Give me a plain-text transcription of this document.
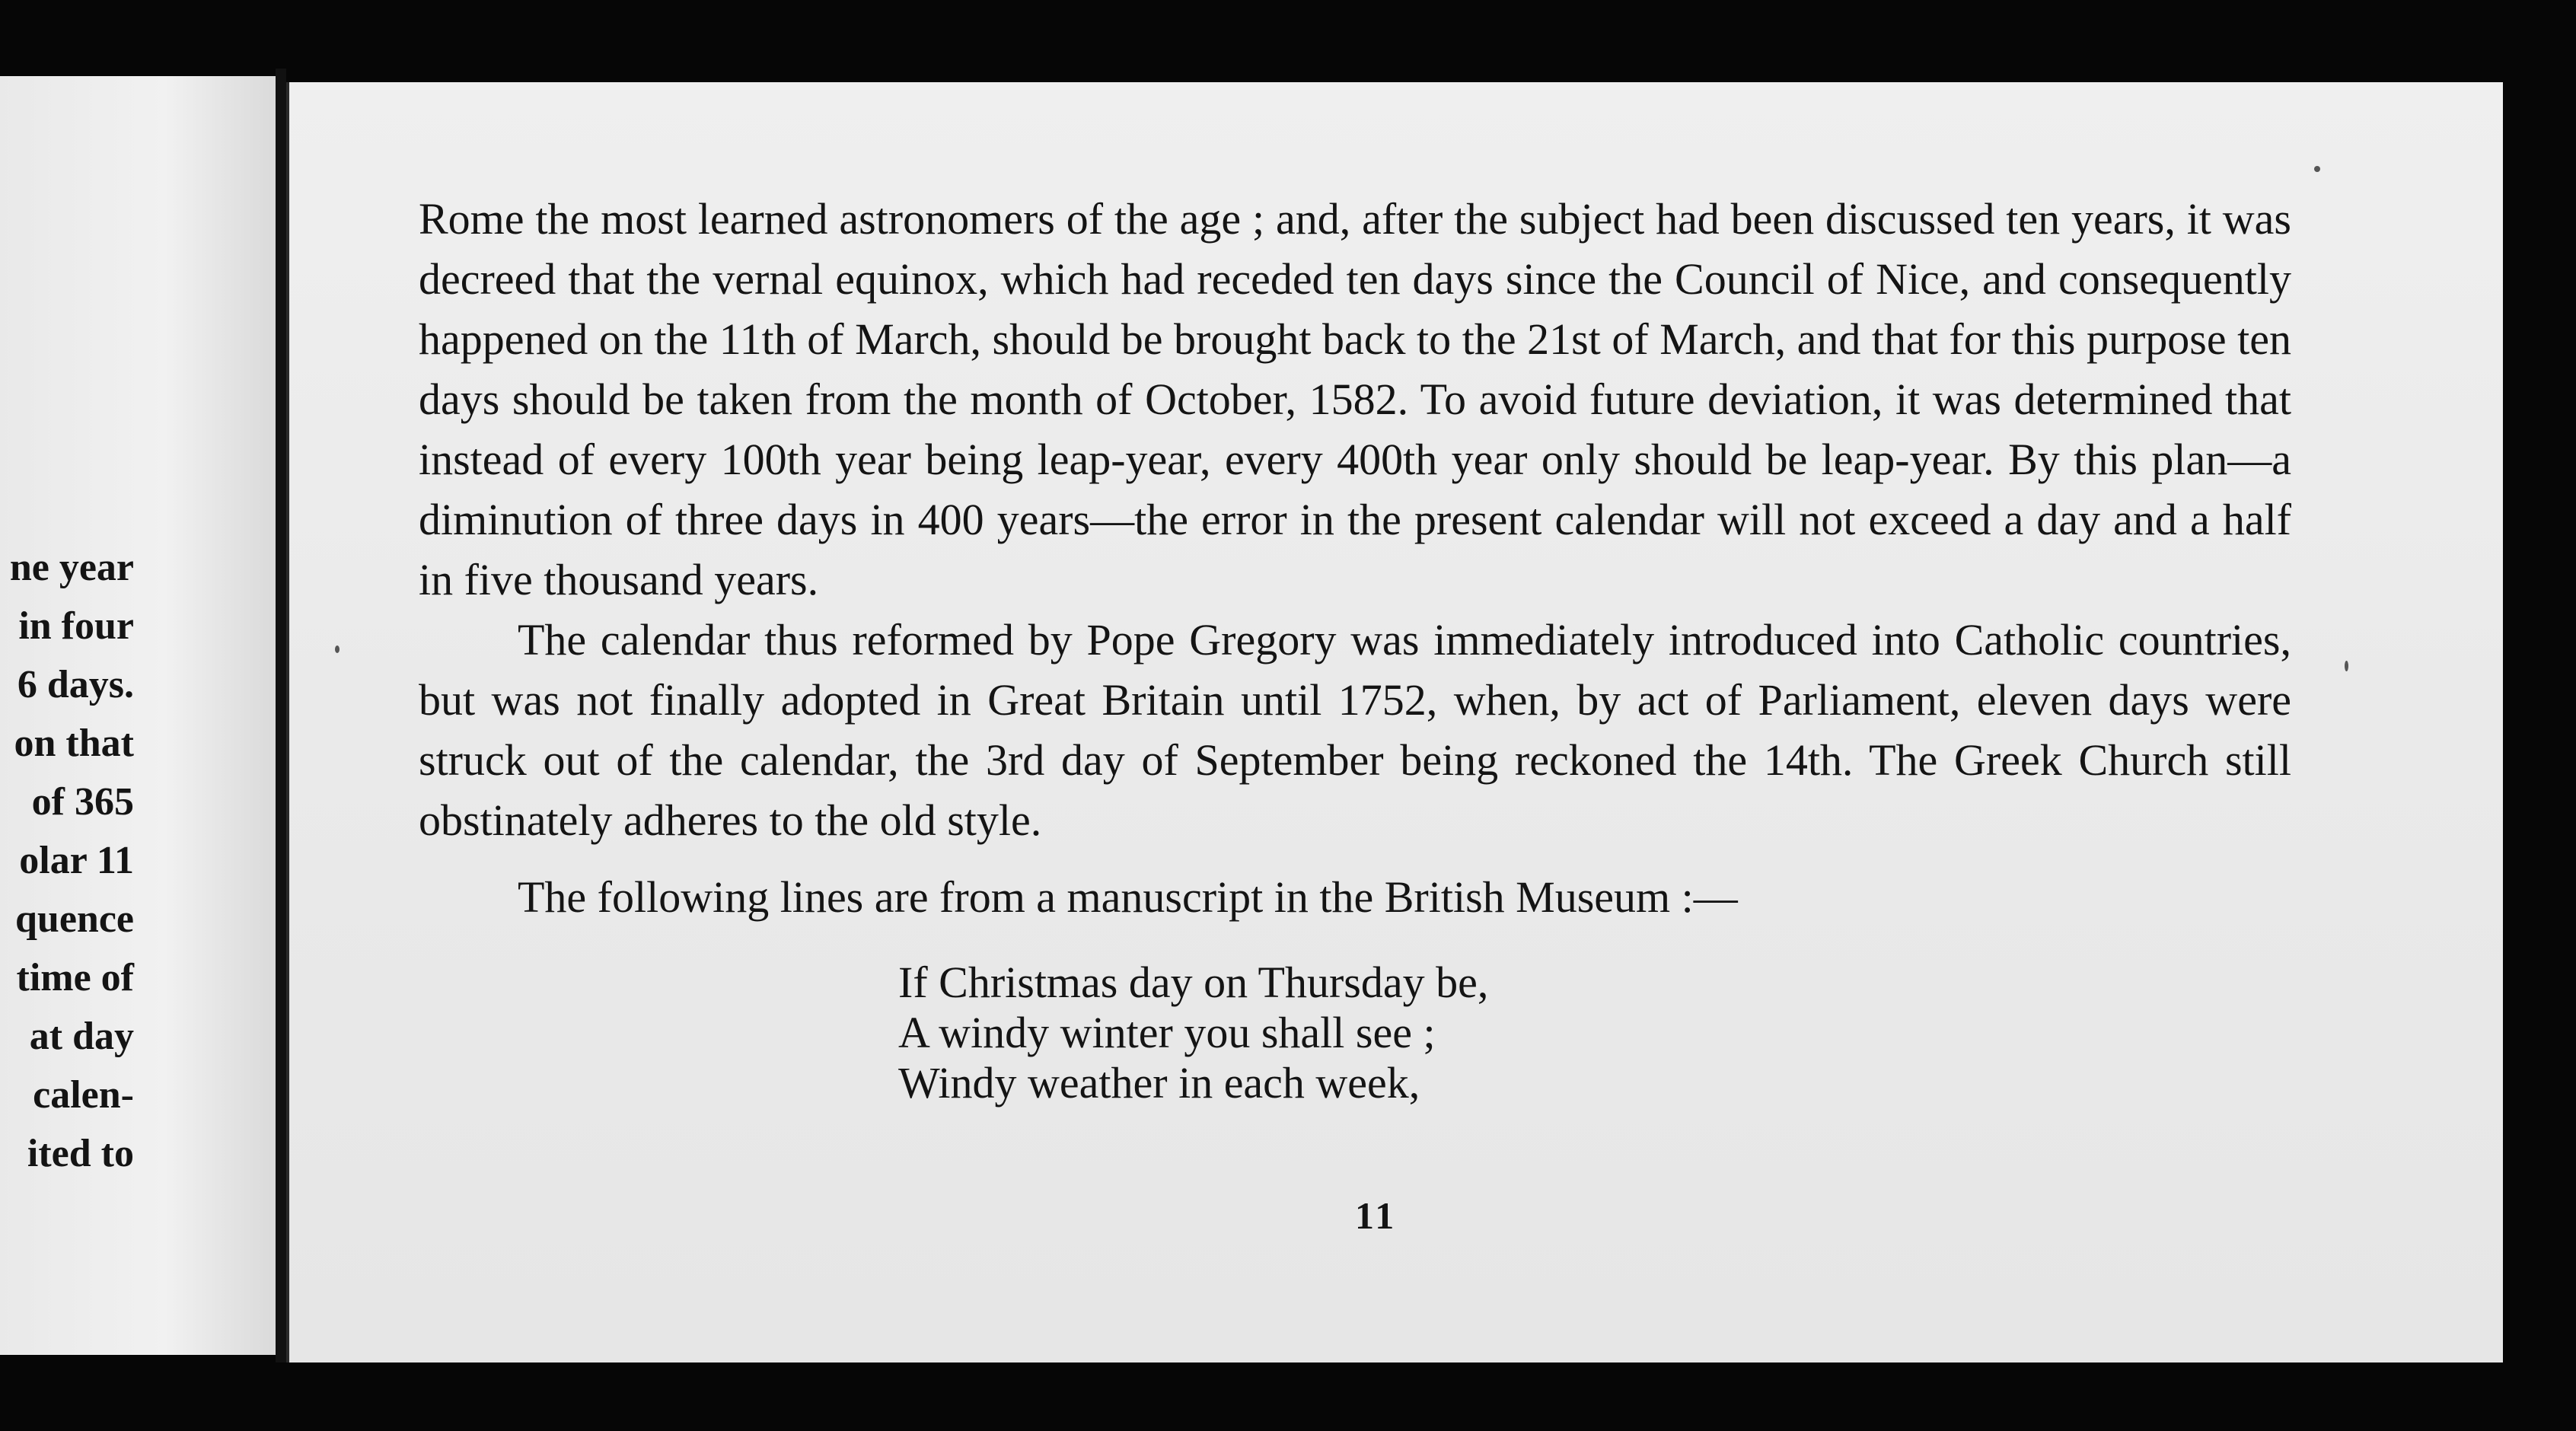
ne year
in four
6 days.
on that
of 365
olar 11
quence
time of
at day
calen-
ited to

Rome the most learned astronomers of the age ; and, after the subject had been discussed ten years, it was decreed that the vernal equinox, which had receded ten days since the Council of Nice, and consequently happened on the 11th of March, should be brought back to the 21st of March, and that for this purpose ten days should be taken from the month of October, 1582. To avoid future deviation, it was determined that instead of every 100th year being leap-year, every 400th year only should be leap-year. By this plan—a diminution of three days in 400 years—the error in the present calendar will not exceed a day and a half in five thousand years.

The calendar thus reformed by Pope Gregory was immediately introduced into Catholic countries, but was not finally adopted in Great Britain until 1752, when, by act of Parliament, eleven days were struck out of the calendar, the 3rd day of September being reckoned the 14th. The Greek Church still obstinately adheres to the old style.

The following lines are from a manuscript in the British Museum :—

If Christmas day on Thursday be,
A windy winter you shall see ;
Windy weather in each week,
11
